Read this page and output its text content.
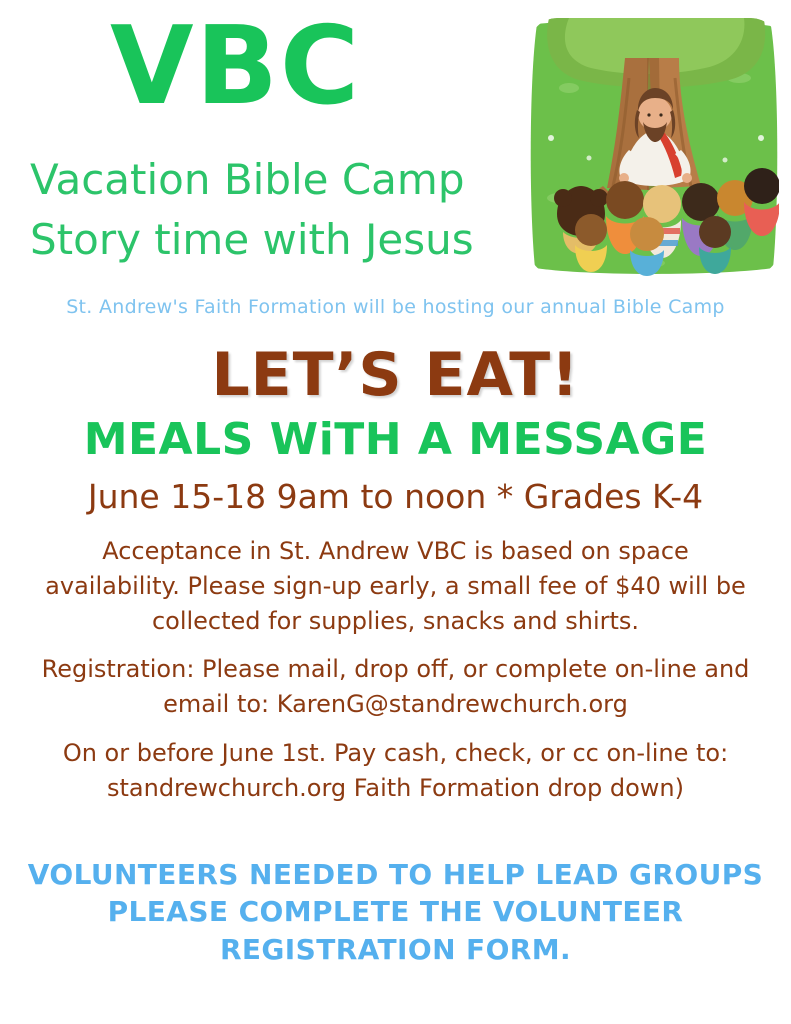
VBC
Vacation Bible Camp
Story time with Jesus
St. Andrew's Faith Formation will be hosting our annual Bible Camp
LET’S EAT!
MEALS WiTH A MESSAGE
June 15-18 9am to noon * Grades K-4

Acceptance in St. Andrew VBC is based on space availability. Please sign-up early, a small fee of $40 will be collected for supplies, snacks and shirts.

Registration: Please mail, drop off, or complete on-line and email to: KarenG@standrewchurch.org

On or before June 1st. Pay cash, check, or cc on-line to: standrewchurch.org Faith Formation drop down)

VOLUNTEERS NEEDED TO HELP LEAD GROUPS
PLEASE COMPLETE THE VOLUNTEER
REGISTRATION FORM.
